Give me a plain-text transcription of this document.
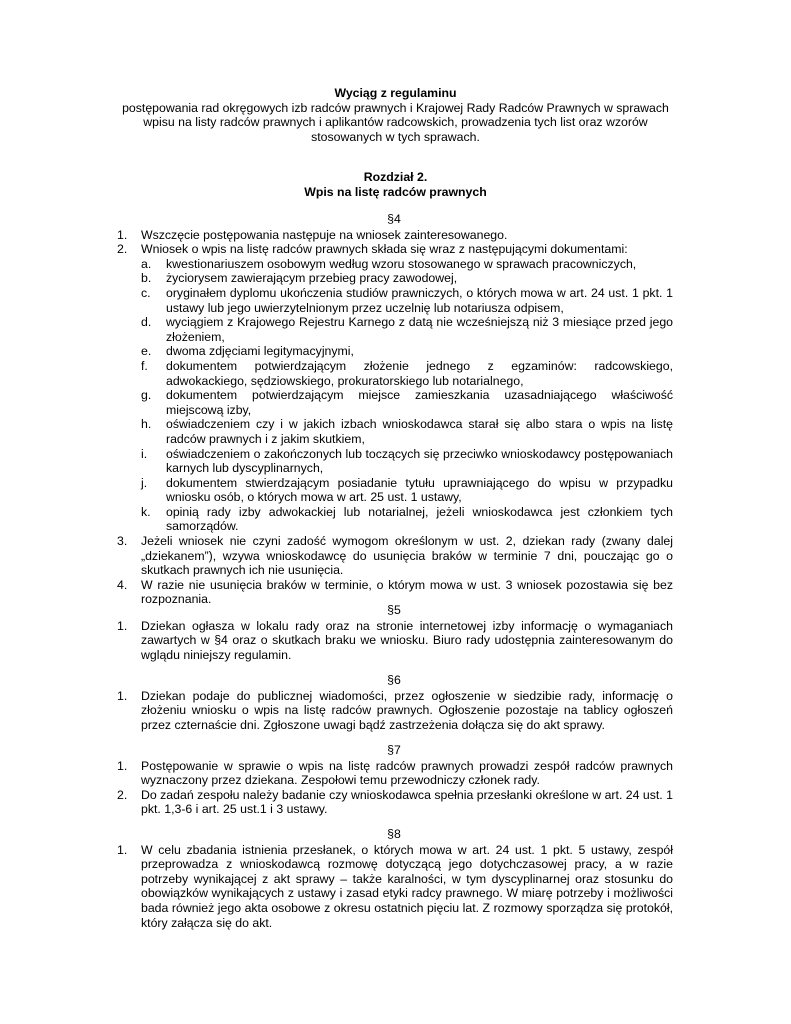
Wyciąg z regulaminu
postępowania rad okręgowych izb radców prawnych i Krajowej Rady Radców Prawnych w sprawach wpisu na listy radców prawnych i aplikantów radcowskich, prowadzenia tych list oraz wzorów stosowanych w tych sprawach.
Rozdział 2.
Wpis na listę radców prawnych
§4
1. Wszczęcie postępowania następuje na wniosek zainteresowanego.
2. Wniosek o wpis na listę radców prawnych składa się wraz z następującymi dokumentami:
a. kwestionariuszem osobowym według wzoru stosowanego w sprawach pracowniczych,
b. życiorysem zawierającym przebieg pracy zawodowej,
c. oryginałem dyplomu ukończenia studiów prawniczych, o których mowa w art. 24 ust. 1 pkt. 1 ustawy lub jego uwierzytelnionym przez uczelnię lub notariusza odpisem,
d. wyciągiem z Krajowego Rejestru Karnego z datą nie wcześniejszą niż 3 miesiące przed jego złożeniem,
e. dwoma zdjęciami legitymacyjnymi,
f. dokumentem potwierdzającym złożenie jednego z egzaminów: radcowskiego, adwokackiego, sędziowskiego, prokuratorskiego lub notarialnego,
g. dokumentem potwierdzającym miejsce zamieszkania uzasadniającego właściwość miejscową izby,
h. oświadczeniem czy i w jakich izbach wnioskodawca starał się albo stara o wpis na listę radców prawnych i z jakim skutkiem,
i. oświadczeniem o zakończonych lub toczących się przeciwko wnioskodawcy postępowaniach karnych lub dyscyplinarnych,
j. dokumentem stwierdzającym posiadanie tytułu uprawniającego do wpisu w przypadku wniosku osób, o których mowa w art. 25 ust. 1 ustawy,
k. opinią rady izby adwokackiej lub notarialnej, jeżeli wnioskodawca jest członkiem tych samorządów.
3. Jeżeli wniosek nie czyni zadość wymogom określonym w ust. 2, dziekan rady (zwany dalej „dziekanem”), wzywa wnioskodawcę do usunięcia braków w terminie 7 dni, pouczając go o skutkach prawnych ich nie usunięcia.
4. W razie nie usunięcia braków w terminie, o którym mowa w ust. 3 wniosek pozostawia się bez rozpoznania.
§5
1. Dziekan ogłasza w lokalu rady oraz na stronie internetowej izby informację o wymaganiach zawartych w §4 oraz o skutkach braku we wniosku. Biuro rady udostępnia zainteresowanym do wglądu niniejszy regulamin.
§6
1. Dziekan podaje do publicznej wiadomości, przez ogłoszenie w siedzibie rady, informację o złożeniu wniosku o wpis na listę radców prawnych. Ogłoszenie pozostaje na tablicy ogłoszeń przez czternaście dni. Zgłoszone uwagi bądź zastrzeżenia dołącza się do akt sprawy.
§7
1. Postępowanie w sprawie o wpis na listę radców prawnych prowadzi zespół radców prawnych wyznaczony przez dziekana. Zespołowi temu przewodniczy członek rady.
2. Do zadań zespołu należy badanie czy wnioskodawca spełnia przesłanki określone w art. 24 ust. 1 pkt. 1,3-6 i art. 25 ust.1 i 3 ustawy.
§8
1. W celu zbadania istnienia przesłanek, o których mowa w art. 24 ust. 1 pkt. 5 ustawy, zespół przeprowadza z wnioskodawcą rozmowę dotyczącą jego dotychczasowej pracy, a w razie potrzeby wynikającej z akt sprawy – także karalności, w tym dyscyplinarnej oraz stosunku do obowiązków wynikających z ustawy i zasad etyki radcy prawnego. W miarę potrzeby i możliwości bada również jego akta osobowe z okresu ostatnich pięciu lat. Z rozmowy sporządza się protokół, który załącza się do akt.
